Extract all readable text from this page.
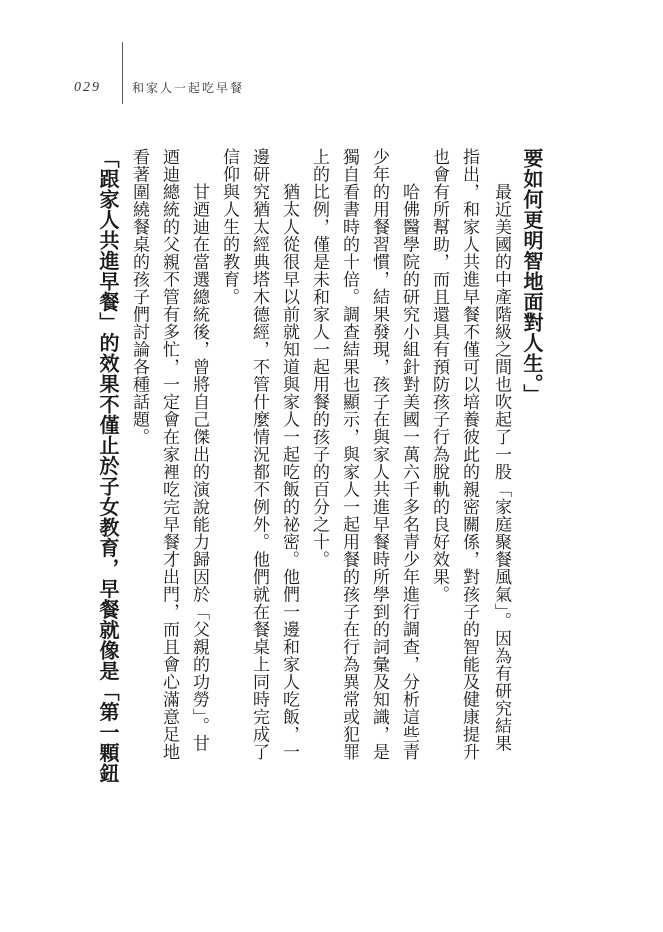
029	和家人一起吃早餐

要如何更明智地面對人生。」

　　最近美國的中產階級之間也吹起了一股「家庭聚餐風氣」。因為有研究結果

指出，和家人共進早餐不僅可以培養彼此的親密關係，對孩子的智能及健康提升

也會有所幫助，而且還具有預防孩子行為脫軌的良好效果。

　　哈佛醫學院的研究小組針對美國一萬六千多名青少年進行調查，分析這些青

少年的用餐習慣，結果發現，孩子在與家人共進早餐時所學到的詞彙及知識，是

獨自看書時的十倍。調查結果也顯示，與家人一起用餐的孩子在行為異常或犯罪

上的比例，僅是未和家人一起用餐的孩子的百分之十。

　　猶太人從很早以前就知道與家人一起吃飯的祕密。他們一邊和家人吃飯，一

邊研究猶太經典塔木德經，不管什麼情況都不例外。他們就在餐桌上同時完成了

信仰與人生的教育。

　　甘迺迪在當選總統後，曾將自己傑出的演說能力歸因於「父親的功勞」。甘

迺迪總統的父親不管有多忙，一定會在家裡吃完早餐才出門，而且會心滿意足地

看著圍繞餐桌的孩子們討論各種話題。

「跟家人共進早餐」的效果不僅止於子女教育，早餐就像是「第一顆鈕
